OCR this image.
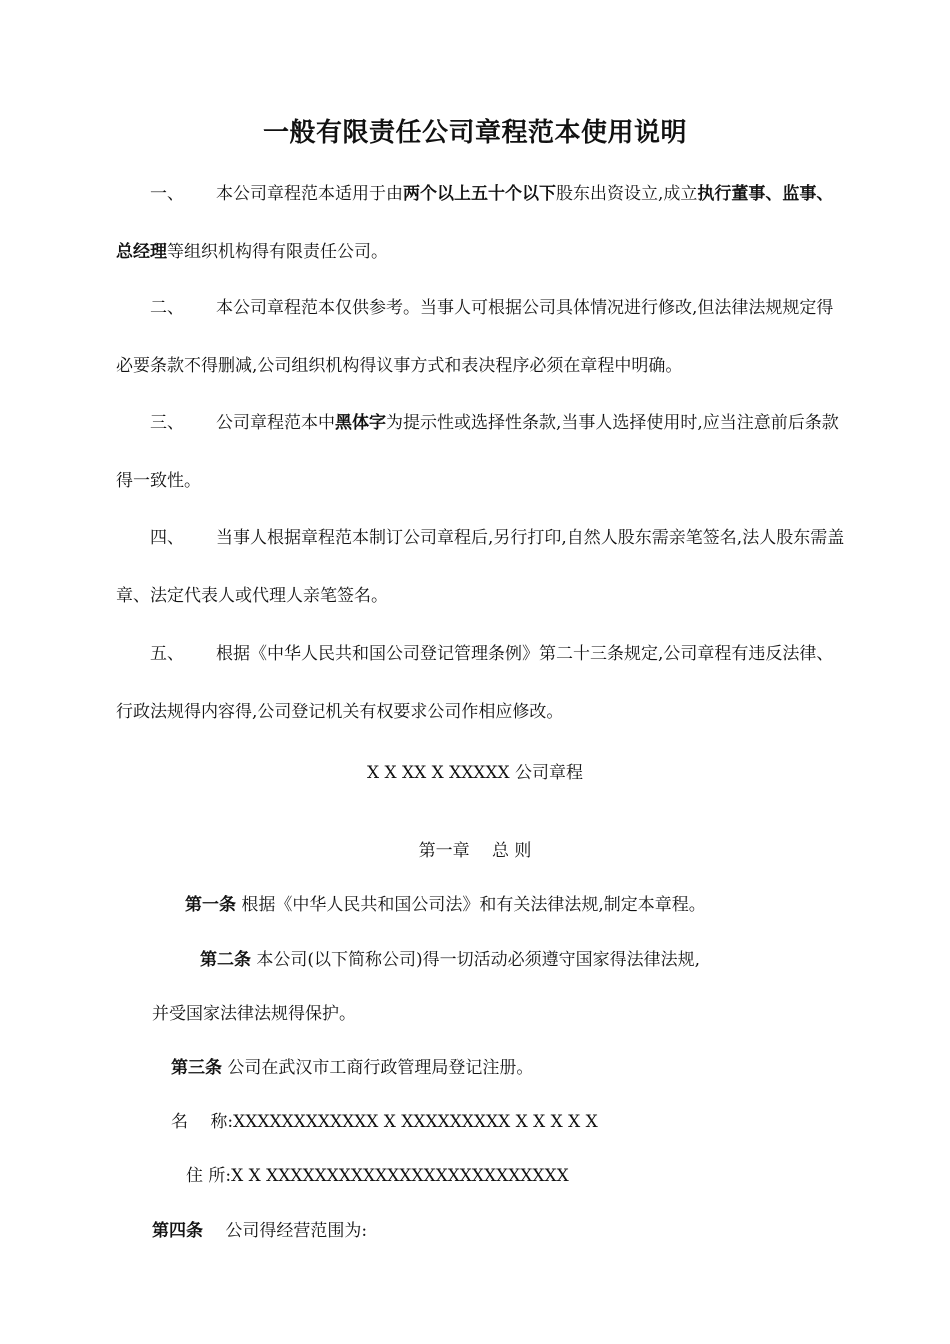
一般有限责任公司章程范本使用说明
一、 本公司章程范本适用于由两个以上五十个以下股东出资设立,成立执行董事、监事、总经理等组织机构得有限责任公司。
二、 本公司章程范本仅供参考。当事人可根据公司具体情况进行修改,但法律法规规定得必要条款不得删减,公司组织机构得议事方式和表决程序必须在章程中明确。
三、 公司章程范本中黑体字为提示性或选择性条款,当事人选择使用时,应当注意前后条款得一致性。
四、 当事人根据章程范本制订公司章程后,另行打印,自然人股东需亲笔签名,法人股东需盖章、法定代表人或代理人亲笔签名。
五、 根据《中华人民共和国公司登记管理条例》第二十三条规定,公司章程有违反法律、行政法规得内容得,公司登记机关有权要求公司作相应修改。
X X XX X XXXXX 公司章程
第一章　 总 则
第一条 根据《中华人民共和国公司法》和有关法律法规,制定本章程。
第二条 本公司(以下简称公司)得一切活动必须遵守国家得法律法规,
并受国家法律法规得保护。
第三条 公司在武汉市工商行政管理局登记注册。
名　 称:XXXXXXXXXXXX X XXXXXXXXX X X X X X
住 所:X X XXXXXXXXXXXXXXXXXXXXXXXXX
第四条　 公司得经营范围为:
